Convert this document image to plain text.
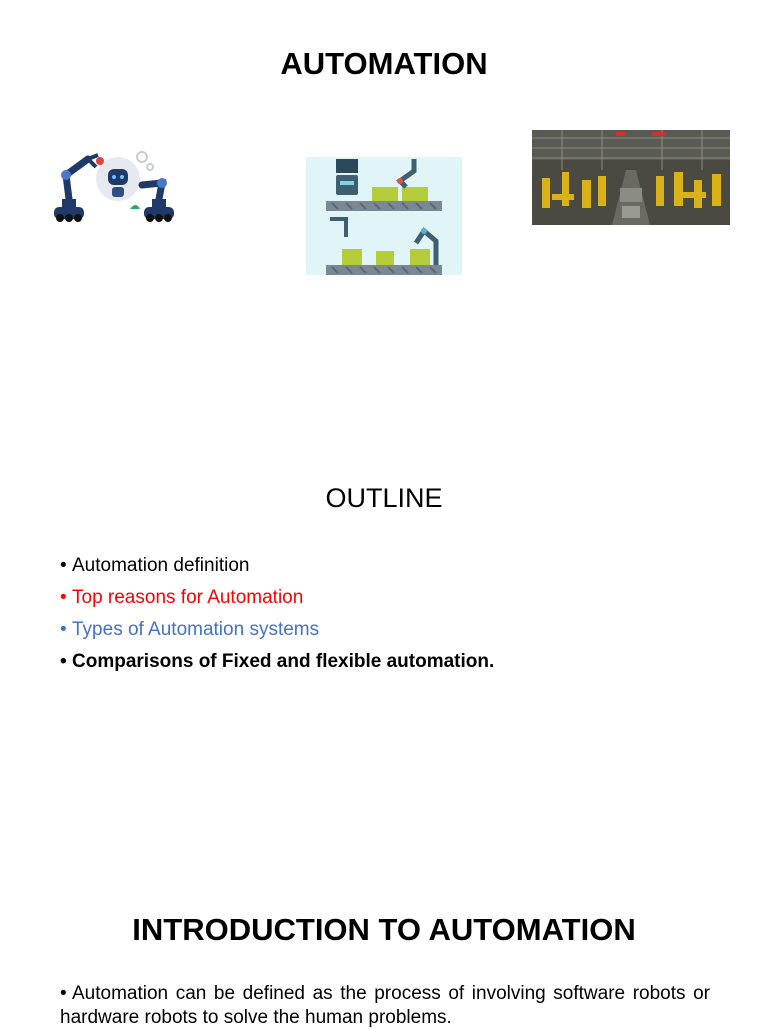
AUTOMATION
OUTLINE
• Automation definition
• Top reasons for Automation
• Types of Automation systems
• Comparisons of Fixed and flexible automation.
INTRODUCTION TO AUTOMATION
• Automation can be defined as the process of involving software robots or hardware robots to solve the human problems.
